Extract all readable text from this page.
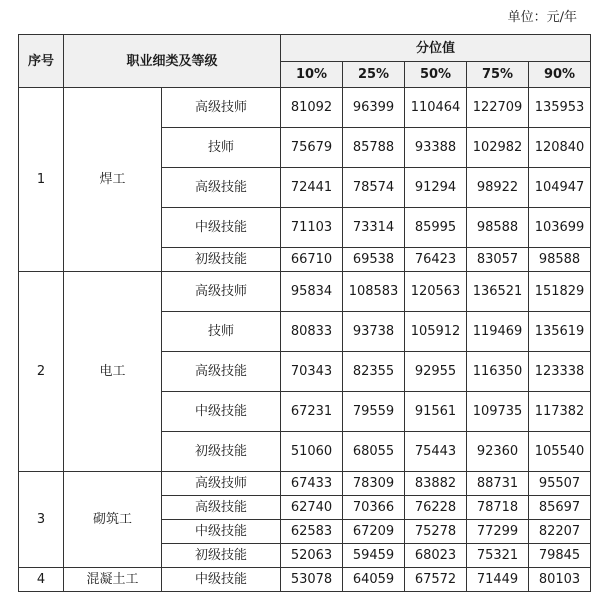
单位：元/年
序号	职业细类及等级		分位值				
			10%	25%	50%	75%	90%
1	焊工	高级技师	81092	96399	110464	122709	135953
		技师	75679	85788	93388	102982	120840
		高级技能	72441	78574	91294	98922	104947
		中级技能	71103	73314	85995	98588	103699
		初级技能	66710	69538	76423	83057	98588
2	电工	高级技师	95834	108583	120563	136521	151829
		技师	80833	93738	105912	119469	135619
		高级技能	70343	82355	92955	116350	123338
		中级技能	67231	79559	91561	109735	117382
		初级技能	51060	68055	75443	92360	105540
3	砌筑工	高级技师	67433	78309	83882	88731	95507
		高级技能	62740	70366	76228	78718	85697
		中级技能	62583	67209	75278	77299	82207
		初级技能	52063	59459	68023	75321	79845
4	混凝土工	中级技能	53078	64059	67572	71449	80103
